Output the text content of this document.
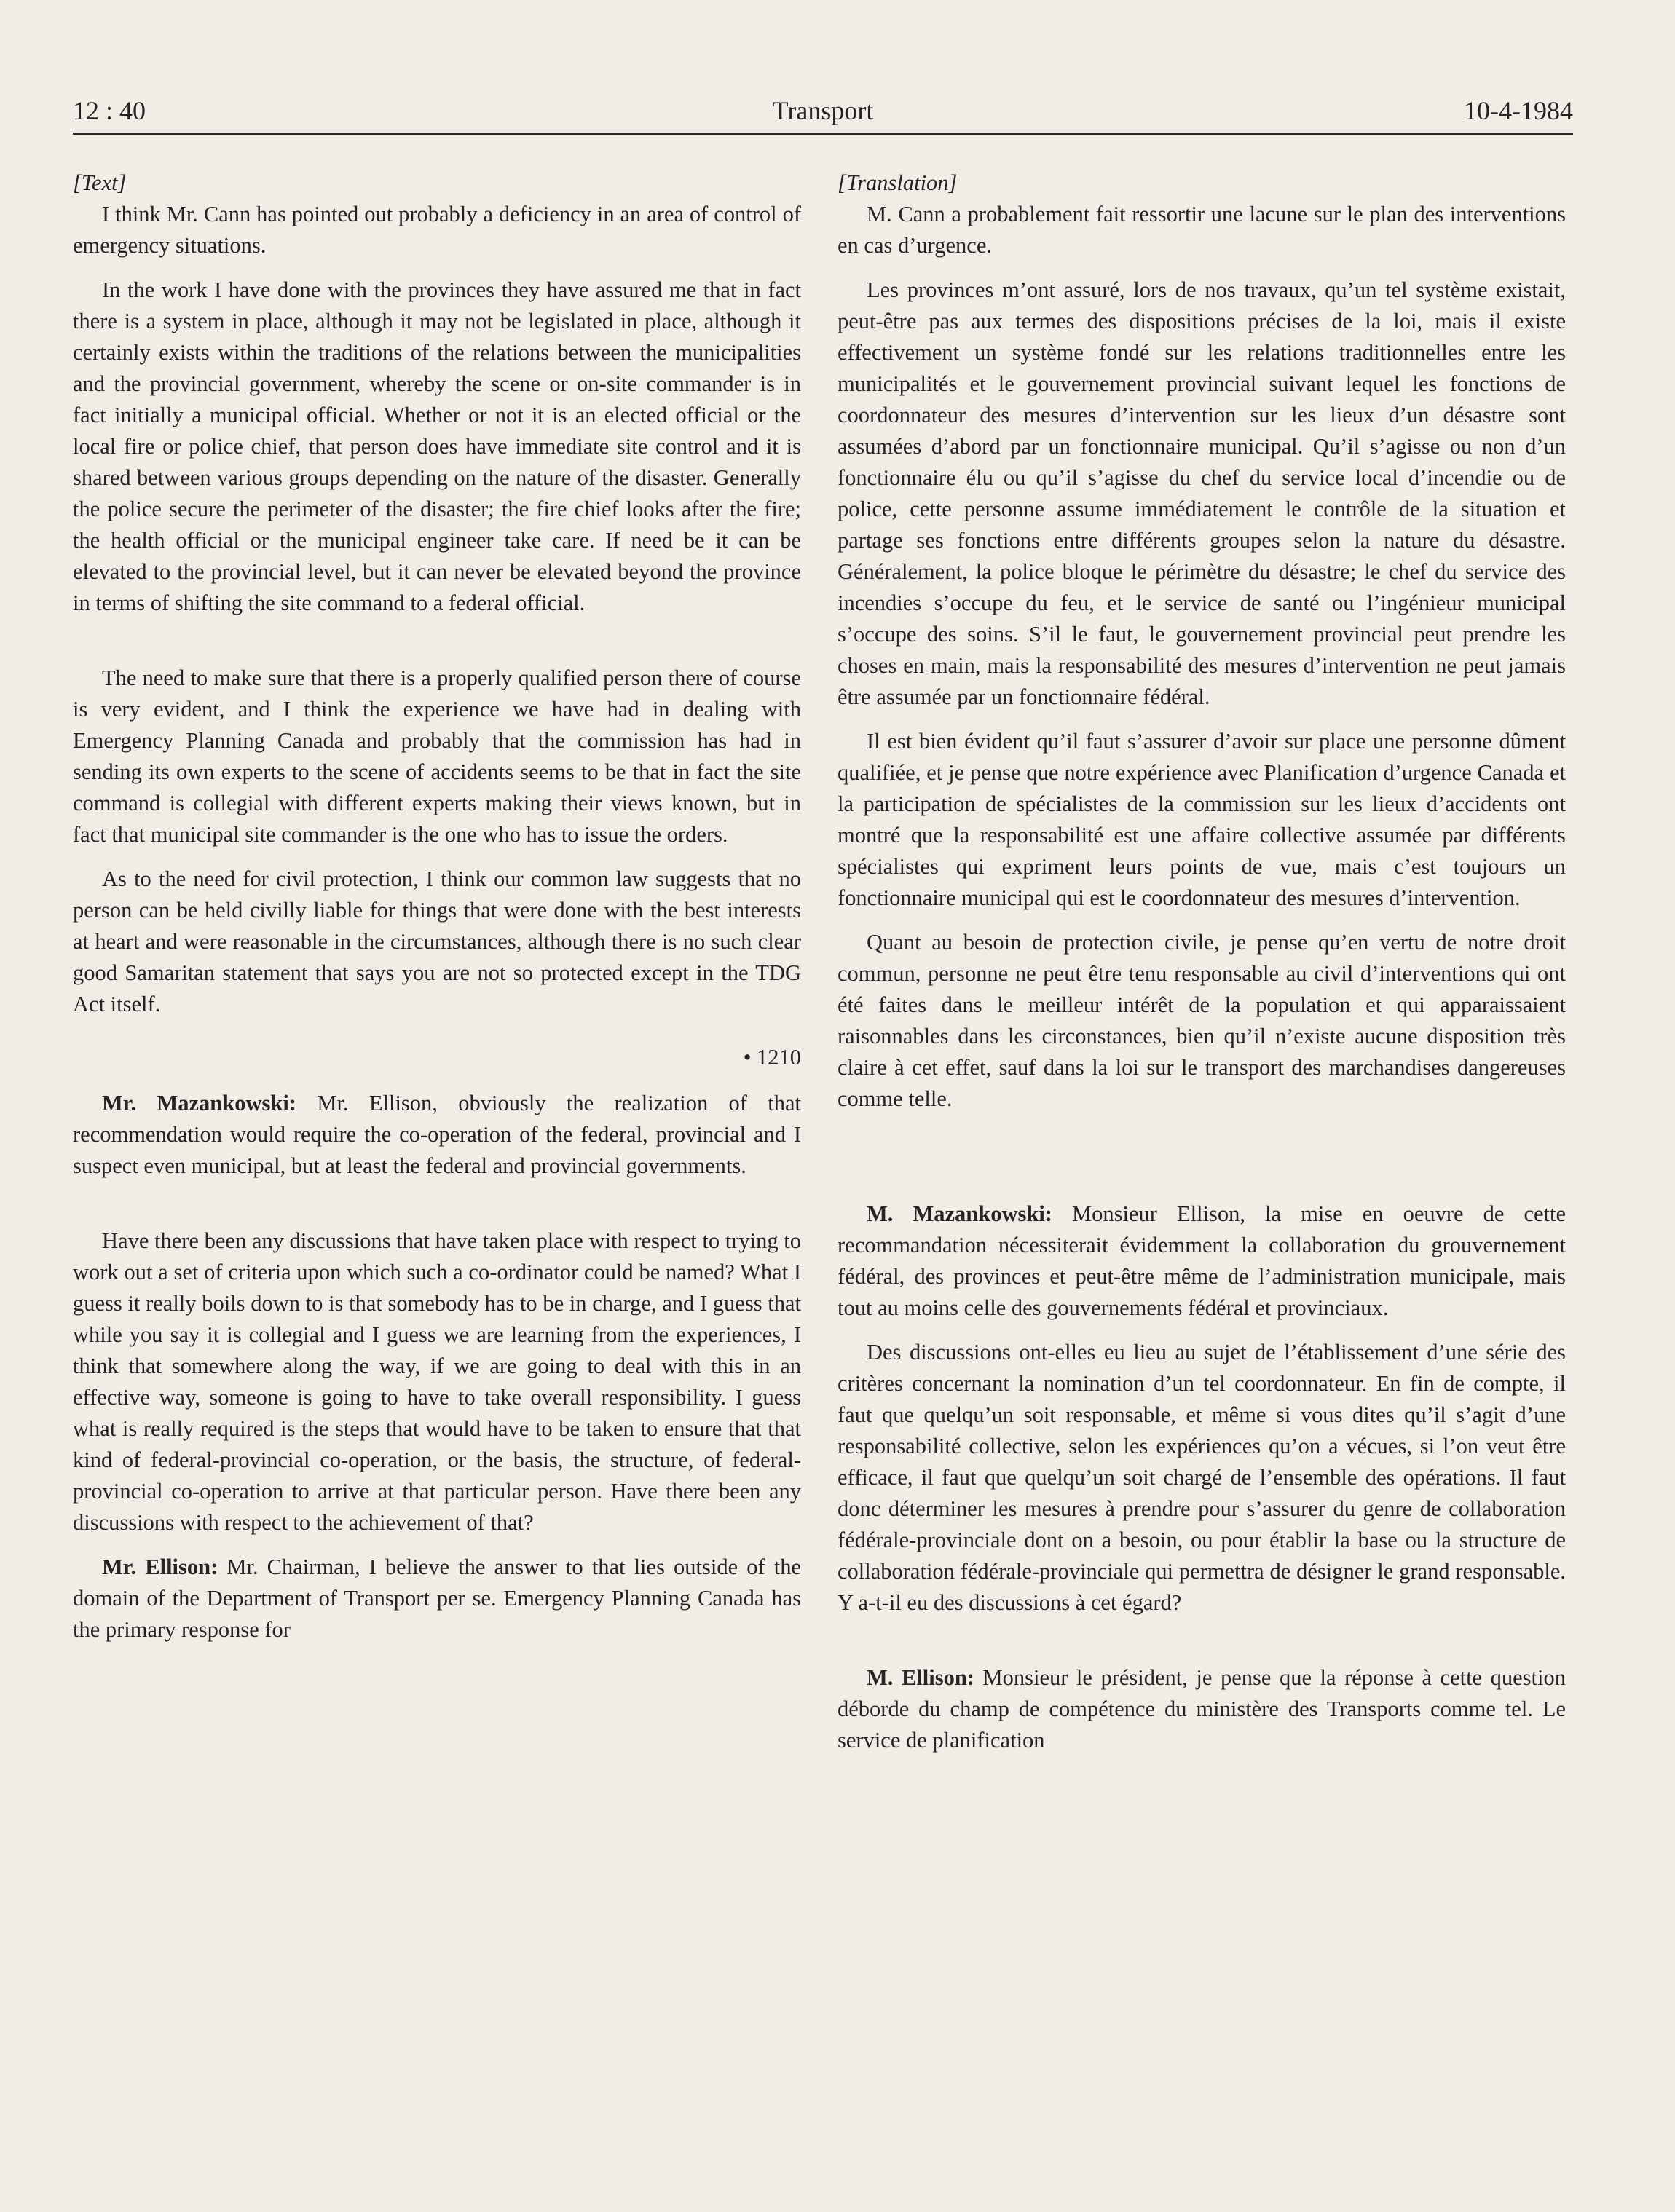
12 : 40	Transport	10-4-1984

[Text]

I think Mr. Cann has pointed out probably a deficiency in an area of control of emergency situations.

In the work I have done with the provinces they have assured me that in fact there is a system in place, although it may not be legislated in place, although it certainly exists within the traditions of the relations between the municipalities and the provincial government, whereby the scene or on-site commander is in fact initially a municipal official. Whether or not it is an elected official or the local fire or police chief, that person does have immediate site control and it is shared between various groups depending on the nature of the disaster. Generally the police secure the perimeter of the disaster; the fire chief looks after the fire; the health official or the municipal engineer take care. If need be it can be elevated to the provincial level, but it can never be elevated beyond the province in terms of shifting the site command to a federal official.

The need to make sure that there is a properly qualified person there of course is very evident, and I think the experience we have had in dealing with Emergency Planning Canada and probably that the commission has had in sending its own experts to the scene of accidents seems to be that in fact the site command is collegial with different experts making their views known, but in fact that municipal site commander is the one who has to issue the orders.

As to the need for civil protection, I think our common law suggests that no person can be held civilly liable for things that were done with the best interests at heart and were reasonable in the circumstances, although there is no such clear good Samaritan statement that says you are not so protected except in the TDG Act itself.

• 1210

Mr. Mazankowski: Mr. Ellison, obviously the realization of that recommendation would require the co-operation of the federal, provincial and I suspect even municipal, but at least the federal and provincial governments.

Have there been any discussions that have taken place with respect to trying to work out a set of criteria upon which such a co-ordinator could be named? What I guess it really boils down to is that somebody has to be in charge, and I guess that while you say it is collegial and I guess we are learning from the experiences, I think that somewhere along the way, if we are going to deal with this in an effective way, someone is going to have to take overall responsibility. I guess what is really required is the steps that would have to be taken to ensure that that kind of federal-provincial co-operation, or the basis, the structure, of federal-provincial co-operation to arrive at that particular person. Have there been any discussions with respect to the achievement of that?

Mr. Ellison: Mr. Chairman, I believe the answer to that lies outside of the domain of the Department of Transport per se. Emergency Planning Canada has the primary response for

[Translation]

M. Cann a probablement fait ressortir une lacune sur le plan des interventions en cas d’urgence.

Les provinces m’ont assuré, lors de nos travaux, qu’un tel système existait, peut-être pas aux termes des dispositions précises de la loi, mais il existe effectivement un système fondé sur les relations traditionnelles entre les municipalités et le gouvernement provincial suivant lequel les fonctions de coordonnateur des mesures d’intervention sur les lieux d’un désastre sont assumées d’abord par un fonctionnaire municipal. Qu’il s’agisse ou non d’un fonctionnaire élu ou qu’il s’agisse du chef du service local d’incendie ou de police, cette personne assume immédiatement le contrôle de la situation et partage ses fonctions entre différents groupes selon la nature du désastre. Généralement, la police bloque le périmètre du désastre; le chef du service des incendies s’occupe du feu, et le service de santé ou l’ingénieur municipal s’occupe des soins. S’il le faut, le gouvernement provincial peut prendre les choses en main, mais la responsabilité des mesures d’intervention ne peut jamais être assumée par un fonctionnaire fédéral.

Il est bien évident qu’il faut s’assurer d’avoir sur place une personne dûment qualifiée, et je pense que notre expérience avec Planification d’urgence Canada et la participation de spécialistes de la commission sur les lieux d’accidents ont montré que la responsabilité est une affaire collective assumée par différents spécialistes qui expriment leurs points de vue, mais c’est toujours un fonctionnaire municipal qui est le coordonnateur des mesures d’intervention.

Quant au besoin de protection civile, je pense qu’en vertu de notre droit commun, personne ne peut être tenu responsable au civil d’interventions qui ont été faites dans le meilleur intérêt de la population et qui apparaissaient raisonnables dans les circonstances, bien qu’il n’existe aucune disposition très claire à cet effet, sauf dans la loi sur le transport des marchandises dangereuses comme telle.

M. Mazankowski: Monsieur Ellison, la mise en oeuvre de cette recommandation nécessiterait évidemment la collaboration du grouvernement fédéral, des provinces et peut-être même de l’administration municipale, mais tout au moins celle des gouvernements fédéral et provinciaux.

Des discussions ont-elles eu lieu au sujet de l’établissement d’une série des critères concernant la nomination d’un tel coordonnateur. En fin de compte, il faut que quelqu’un soit responsable, et même si vous dites qu’il s’agit d’une responsabilité collective, selon les expériences qu’on a vécues, si l’on veut être efficace, il faut que quelqu’un soit chargé de l’ensemble des opérations. Il faut donc déterminer les mesures à prendre pour s’assurer du genre de collaboration fédérale-provinciale dont on a besoin, ou pour établir la base ou la structure de collaboration fédérale-provinciale qui permettra de désigner le grand responsable. Y a-t-il eu des discussions à cet égard?

M. Ellison: Monsieur le président, je pense que la réponse à cette question déborde du champ de compétence du ministère des Transports comme tel. Le service de planification
